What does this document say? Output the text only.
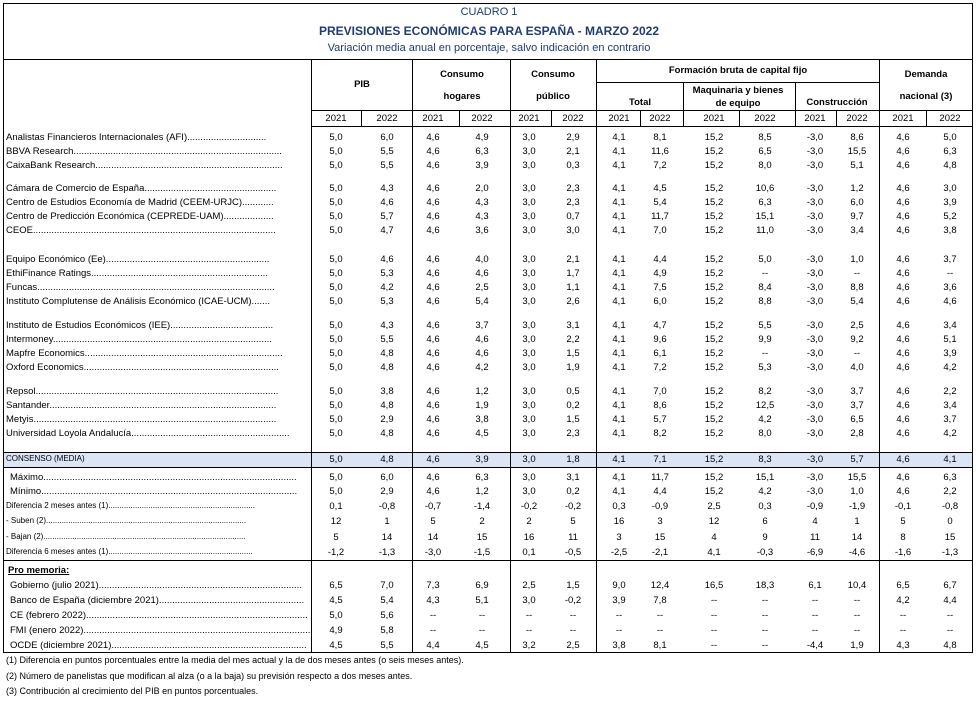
CUADRO 1
PREVISIONES ECONÓMICAS PARA ESPAÑA - MARZO 2022
Variación media anual en porcentaje, salvo indicación en contrario
PIB
Consumo
hogares
Consumo
público
Formación bruta de capital fijo
Total
Maquinaria y bienes
de equipo	Construcción
Demanda
nacional (3)
2021	2022	2021	2022	2021	2022	2021	2022	2021	2022	2021	2022	2021	2022
Analistas Financieros Internacionales (AFI)..............................	5,0	6,0	4,6	4,9	3,0	2,9	4,1	8,1	15,2	8,5	-3,0	8,6	4,6	5,0
BBVA Research...............................................................................	5,0	5,5	4,6	6,3	3,0	2,1	4,1	11,6	15,2	6,5	-3,0	15,5	4,6	6,3
CaixaBank Research.......................................................................	5,0	5,5	4,6	3,9	3,0	0,3	4,1	7,2	15,2	8,0	-3,0	5,1	4,6	4,8
Cámara de Comercio de España..................................................	5,0	4,3	4,6	2,0	3,0	2,3	4,1	4,5	15,2	10,6	-3,0	1,2	4,6	3,0
Centro de Estudios Economía de Madrid (CEEM-URJC)............	5,0	4,6	4,6	4,3	3,0	2,3	4,1	5,4	15,2	6,3	-3,0	6,0	4,6	3,9
Centro de Predicción Económica (CEPREDE-UAM)...................	5,0	5,7	4,6	4,3	3,0	0,7	4,1	11,7	15,2	15,1	-3,0	9,7	4,6	5,2
CEOE............................................................................................	5,0	4,7	4,6	3,6	3,0	3,0	4,1	7,0	15,2	11,0	-3,0	3,4	4,6	3,8
Equipo Económico (Ee)..............................................................	5,0	4,6	4,6	4,0	3,0	2,1	4,1	4,4	15,2	5,0	-3,0	1,0	4,6	3,7
EthiFinance Ratings...................................................................	5,0	5,3	4,6	4,6	3,0	1,7	4,1	4,9	15,2	--	-3,0	--	4,6	--
Funcas..........................................................................................	5,0	4,2	4,6	2,5	3,0	1,1	4,1	7,5	15,2	8,4	-3,0	8,8	4,6	3,6
Instituto Complutense de Análisis Económico (ICAE-UCM).......	5,0	5,3	4,6	5,4	3,0	2,6	4,1	6,0	15,2	8,8	-3,0	5,4	4,6	4,6
Instituto de Estudios Económicos (IEE).......................................	5,0	4,3	4,6	3,7	3,0	3,1	4,1	4,7	15,2	5,5	-3,0	2,5	4,6	3,4
Intermoney...................................................................................	5,0	5,5	4,6	4,6	3,0	2,2	4,1	9,6	15,2	9,9	-3,0	9,2	4,6	5,1
Mapfre Economics...........................................................................	5,0	4,8	4,6	4,6	3,0	1,5	4,1	6,1	15,2	--	-3,0	--	4,6	3,9
Oxford Economics..........................................................................	5,0	4,8	4,6	4,2	3,0	1,9	4,1	7,2	15,2	5,3	-3,0	4,0	4,6	4,2
Repsol............................................................................................	5,0	3,8	4,6	1,2	3,0	0,5	4,1	7,0	15,2	8,2	-3,0	3,7	4,6	2,2
Santander......................................................................................	5,0	4,8	4,6	1,9	3,0	0,2	4,1	8,6	15,2	12,5	-3,0	3,7	4,6	3,4
Metyis............................................................................................	5,0	2,9	4,6	3,8	3,0	1,5	4,1	5,7	15,2	4,2	-3,0	6,5	4,6	3,7
Universidad Loyola Andalucía............................................................	5,0	4,8	4,6	4,5	3,0	2,3	4,1	8,2	15,2	8,0	-3,0	2,8	4,6	4,2
CONSENSO (MEDIA)	5,0	4,8	4,6	3,9	3,0	1,8	4,1	7,1	15,2	8,3	-3,0	5,7	4,6	4,1
Máximo................................................................................................	5,0	6,0	4,6	6,3	3,0	3,1	4,1	11,7	15,2	15,1	-3,0	15,5	4,6	6,3
Mínimo.................................................................................................	5,0	2,9	4,6	1,2	3,0	0,2	4,1	4,4	15,2	4,2	-3,0	1,0	4,6	2,2
Diferencia 2 meses antes (1)..................................................................	0,1	-0,8	-0,7	-1,4	-0,2	-0,2	0,3	-0,9	2,5	0,3	-0,9	-1,9	-0,1	-0,8
- Suben (2)..........................................................................................	12	1	5	2	2	5	16	3	12	6	4	1	5	0
- Bajan (2)...........................................................................................	5	14	14	15	16	11	3	15	4	9	11	14	8	15
Diferencia 6 meses antes (1).................................................................	-1,2	-1,3	-3,0	-1,5	0,1	-0,5	-2,5	-2,1	4,1	-0,3	-6,9	-4,6	-1,6	-1,3
Gobierno (julio 2021).............................................................................	6,5	7,0	7,3	6,9	2,5	1,5	9,0	12,4	16,5	18,3	6,1	10,4	6,5	6,7
Banco de España (diciembre 2021).......................................................	4,5	5,4	4,3	5,1	3,0	-0,2	3,9	7,8	--	--	--	--	4,2	4,4
CE (febrero 2022)....................................................................................	5,0	5,6	--	--	--	--	--	--	--	--	--	--	--	--
FMI (enero 2022)......................................................................................	4,9	5,8	--	--	--	--	--	--	--	--	--	--	--	--
OCDE (diciembre 2021)..........................................................................	4,5	5,5	4,4	4,5	3,2	2,5	3,8	8,1	--	--	-4,4	1,9	4,3	4,8
Pro memoria:
(1) Diferencia en puntos porcentuales entre la media del mes actual y la de dos meses antes (o seis meses antes).
(2) Número de panelistas que modifican al alza (o a la baja) su previsión respecto a dos meses antes.
(3) Contribución al crecimiento del PIB en puntos porcentuales.
